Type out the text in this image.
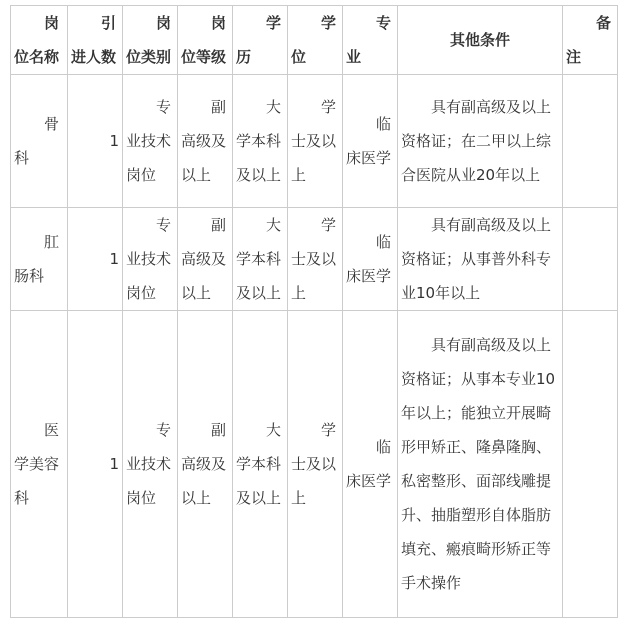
岗位名称	引进人数	岗位类别	岗位等级	学历	学位	专业	其他条件	备注
骨科	1	专业技术岗位	副高级及以上	大学本科及以上	学士及以上	临床医学	具有副高级及以上资格证；在二甲以上综合医院从业20年以上	
肛肠科	1	专业技术岗位	副高级及以上	大学本科及以上	学士及以上	临床医学	具有副高级及以上资格证；从事普外科专业10年以上	
医学美容科	1	专业技术岗位	副高级及以上	大学本科及以上	学士及以上	临床医学	具有副高级及以上资格证；从事本专业10年以上；能独立开展畸形甲矫正、隆鼻隆胸、私密整形、面部线雕提升、抽脂塑形自体脂肪填充、瘢痕畸形矫正等手术操作	
